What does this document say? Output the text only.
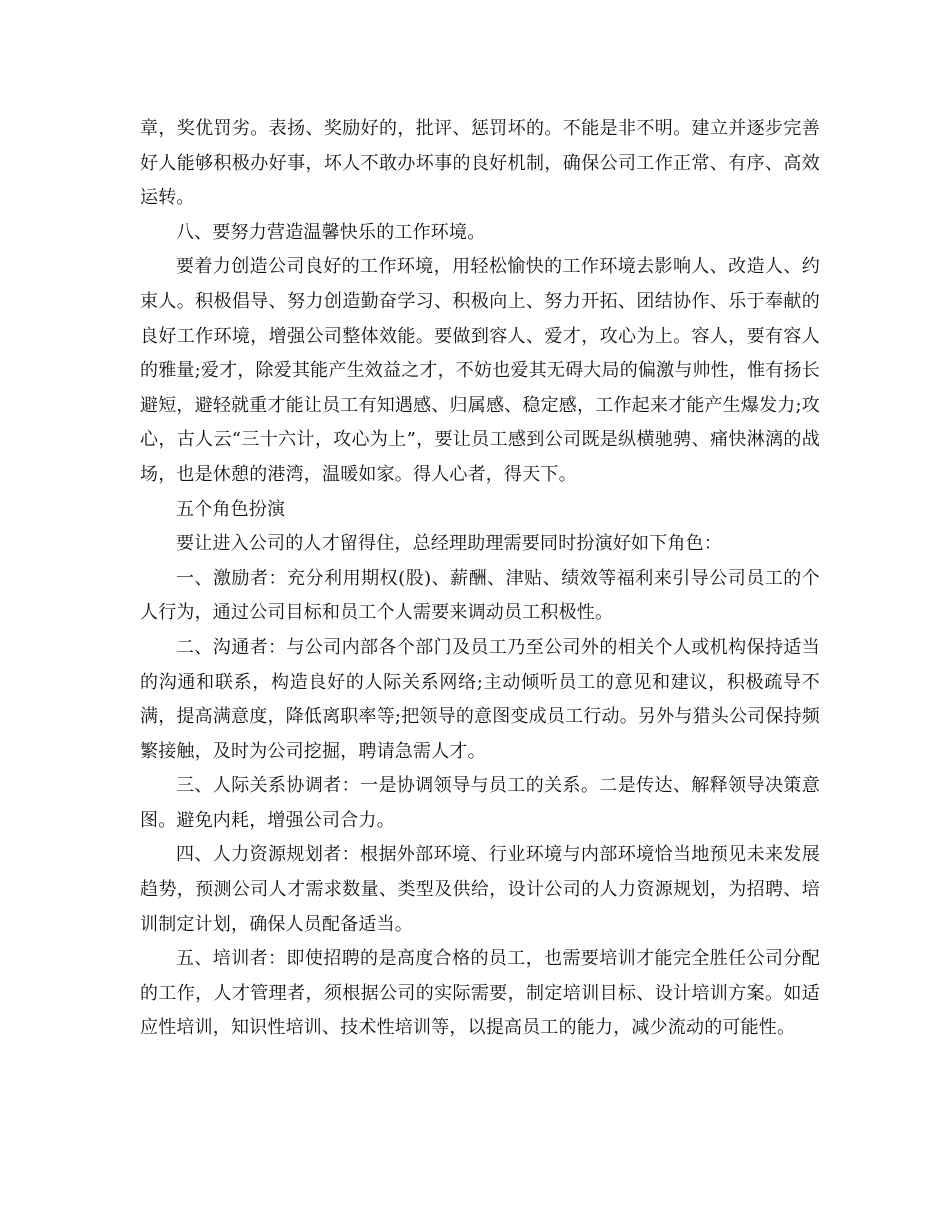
章，奖优罚劣。表扬、奖励好的，批评、惩罚坏的。不能是非不明。建立并逐步完善好人能够积极办好事，坏人不敢办坏事的良好机制，确保公司工作正常、有序、高效运转。

八、要努力营造温馨快乐的工作环境。

要着力创造公司良好的工作环境，用轻松愉快的工作环境去影响人、改造人、约束人。积极倡导、努力创造勤奋学习、积极向上、努力开拓、团结协作、乐于奉献的良好工作环境，增强公司整体效能。要做到容人、爱才，攻心为上。容人，要有容人的雅量;爱才，除爱其能产生效益之才，不妨也爱其无碍大局的偏激与帅性，惟有扬长避短，避轻就重才能让员工有知遇感、归属感、稳定感，工作起来才能产生爆发力;攻心，古人云“三十六计，攻心为上”，要让员工感到公司既是纵横驰骋、痛快淋漓的战场，也是休憩的港湾，温暖如家。得人心者，得天下。

五个角色扮演

要让进入公司的人才留得住，总经理助理需要同时扮演好如下角色：

一、激励者：充分利用期权(股)、薪酬、津贴、绩效等福利来引导公司员工的个人行为，通过公司目标和员工个人需要来调动员工积极性。

二、沟通者：与公司内部各个部门及员工乃至公司外的相关个人或机构保持适当的沟通和联系，构造良好的人际关系网络;主动倾听员工的意见和建议，积极疏导不满，提高满意度，降低离职率等;把领导的意图变成员工行动。另外与猎头公司保持频繁接触，及时为公司挖掘，聘请急需人才。

三、人际关系协调者：一是协调领导与员工的关系。二是传达、解释领导决策意图。避免内耗，增强公司合力。

四、人力资源规划者：根据外部环境、行业环境与内部环境恰当地预见未来发展趋势，预测公司人才需求数量、类型及供给，设计公司的人力资源规划，为招聘、培训制定计划，确保人员配备适当。

五、培训者：即使招聘的是高度合格的员工，也需要培训才能完全胜任公司分配的工作，人才管理者，须根据公司的实际需要，制定培训目标、设计培训方案。如适应性培训，知识性培训、技术性培训等，以提高员工的能力，减少流动的可能性。
